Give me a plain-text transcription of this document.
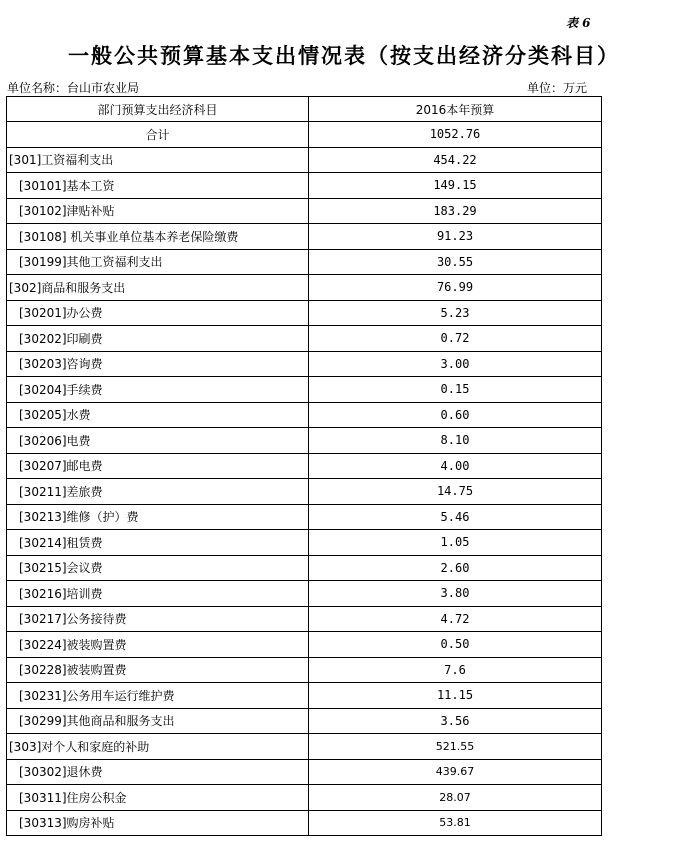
表 6
一般公共预算基本支出情况表（按支出经济分类科目）
单位名称：台山市农业局	单位：万元
部门预算支出经济科目	2016本年预算
合计	1052.76
[301]工资福利支出	454.22
[30101]基本工资	149.15
[30102]津贴补贴	183.29
[30108] 机关事业单位基本养老保险缴费	91.23
[30199]其他工资福利支出	30.55
[302]商品和服务支出	76.99
[30201]办公费	5.23
[30202]印刷费	0.72
[30203]咨询费	3.00
[30204]手续费	0.15
[30205]水费	0.60
[30206]电费	8.10
[30207]邮电费	4.00
[30211]差旅费	14.75
[30213]维修（护）费	5.46
[30214]租赁费	1.05
[30215]会议费	2.60
[30216]培训费	3.80
[30217]公务接待费	4.72
[30224]被装购置费	0.50
[30228]被装购置费	7.6
[30231]公务用车运行维护费	11.15
[30299]其他商品和服务支出	3.56
[303]对个人和家庭的补助	521.55
[30302]退休费	439.67
[30311]住房公积金	28.07
[30313]购房补贴	53.81
